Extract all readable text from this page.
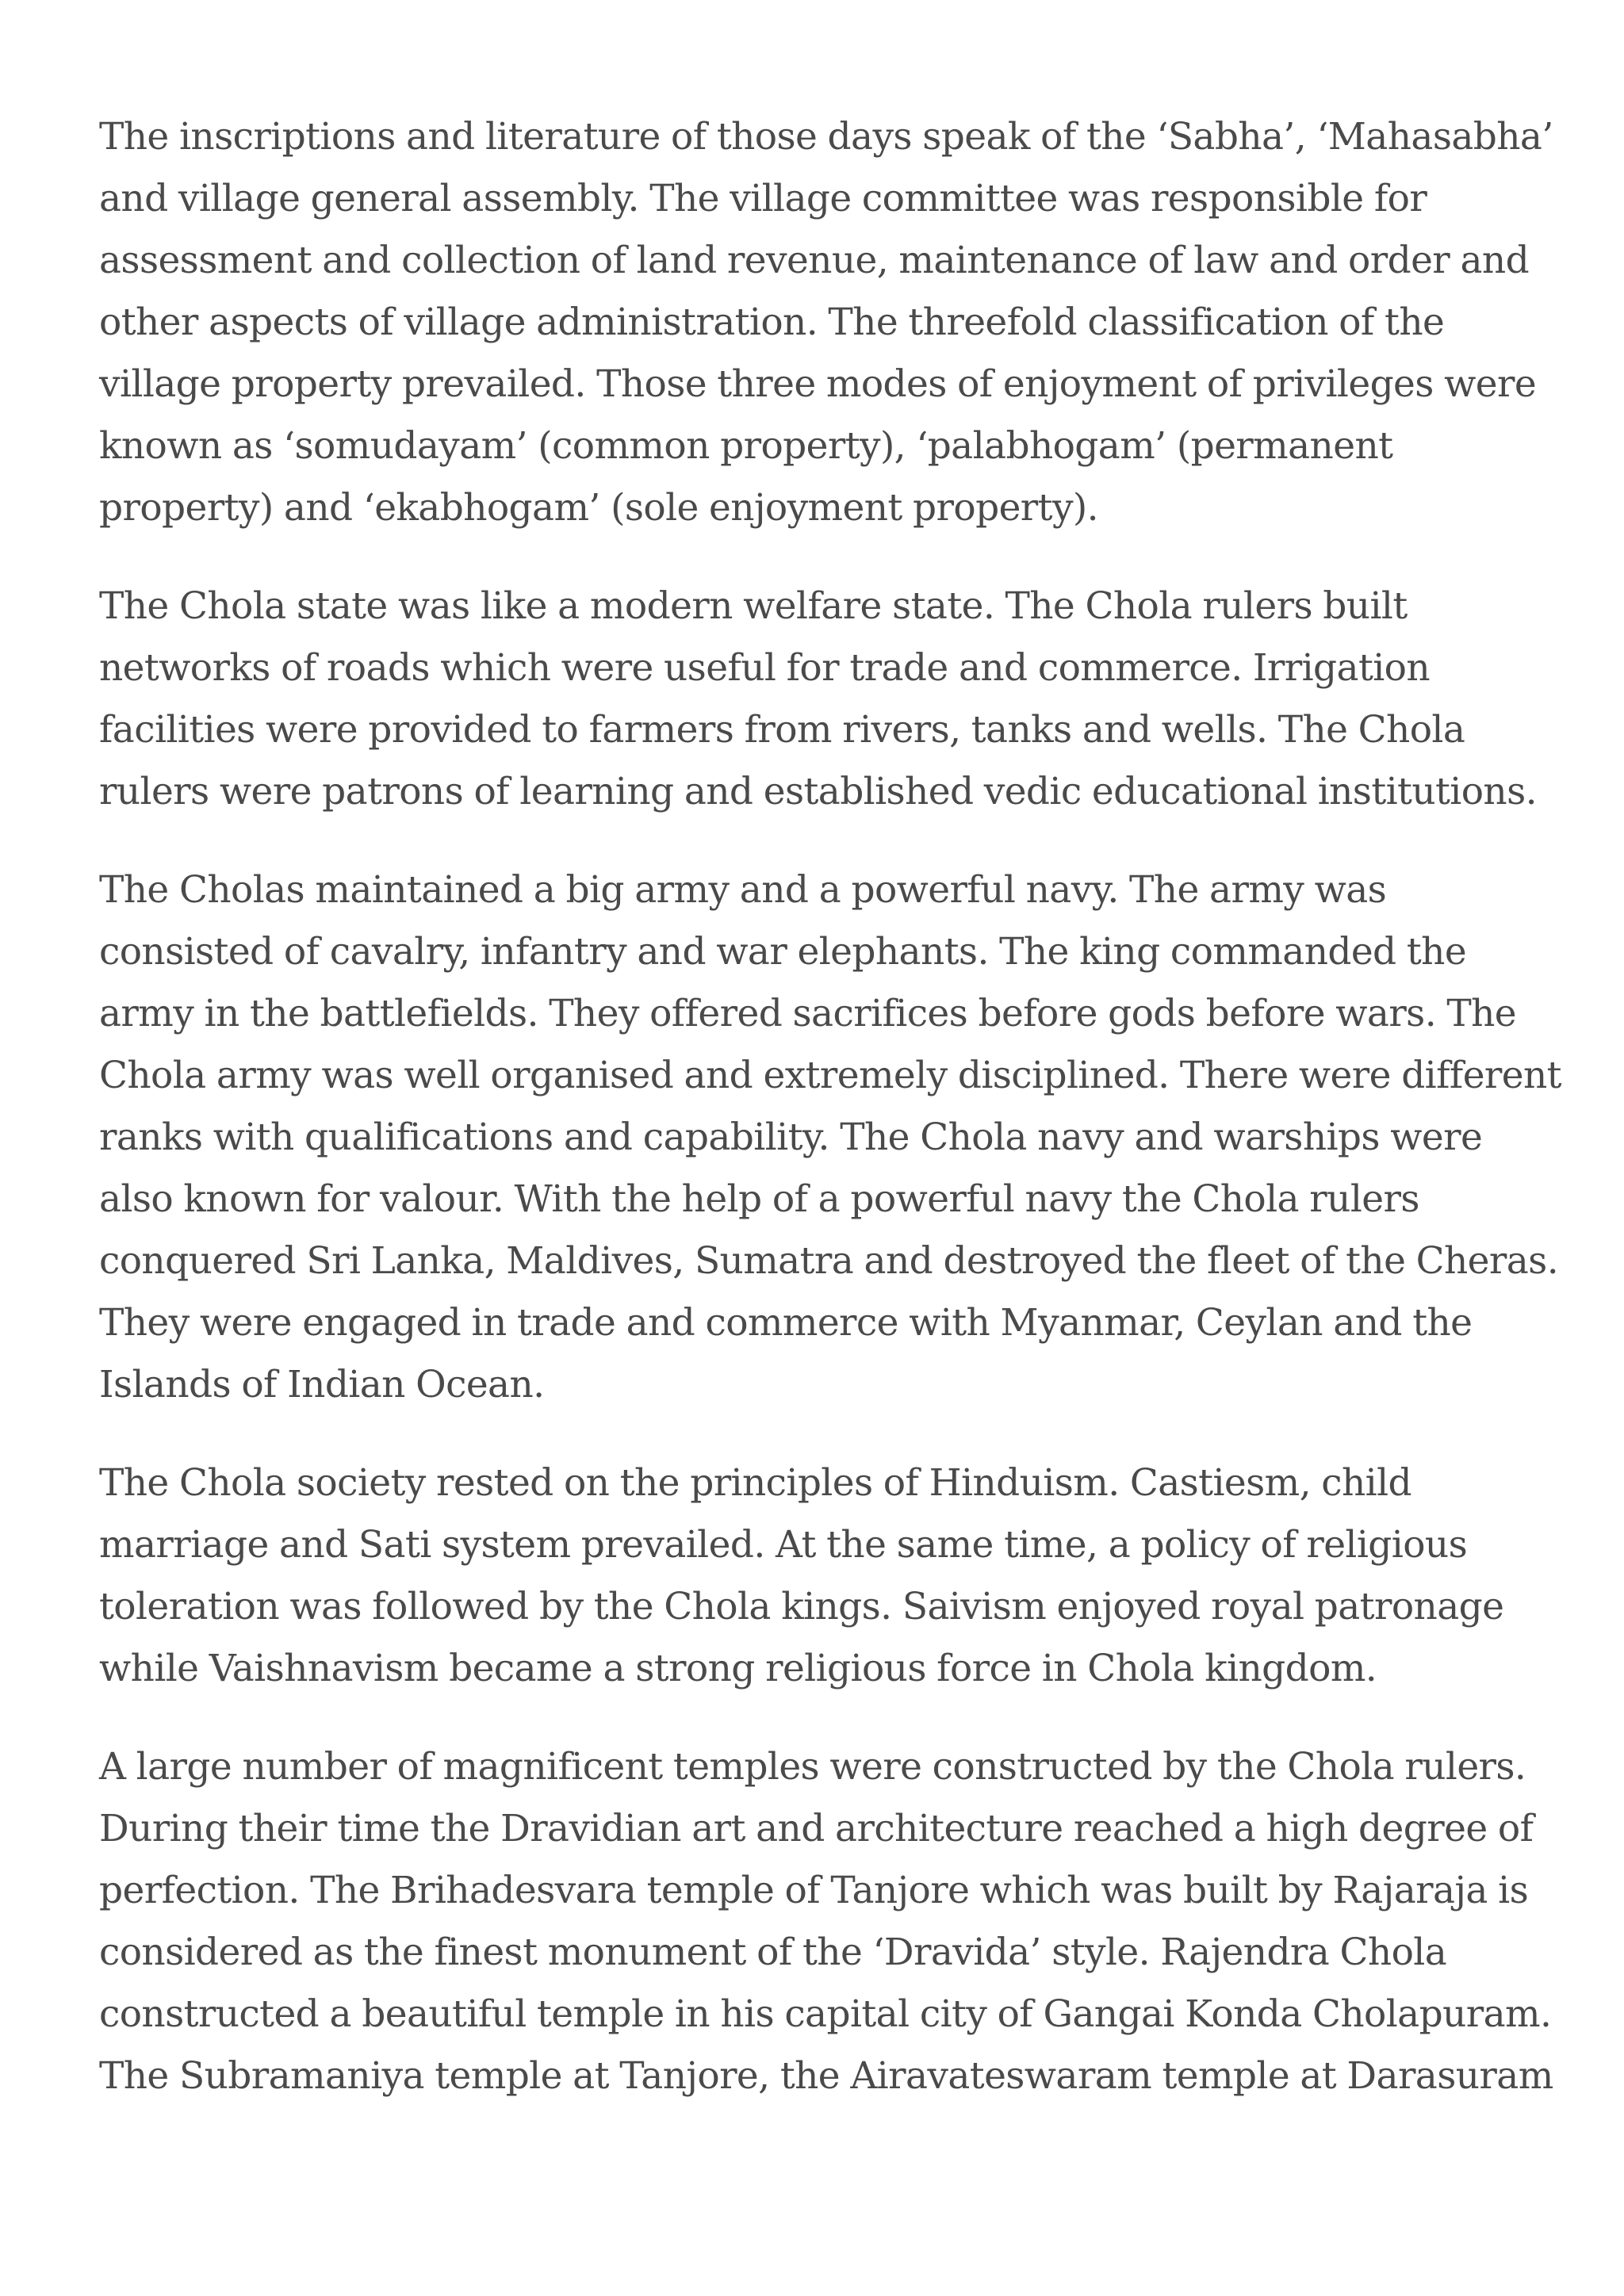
The inscriptions and literature of those days speak of the ‘Sabha’, ‘Mahasabha’
and village general assembly. The village committee was responsible for
assessment and collection of land revenue, maintenance of law and order and
other aspects of village administration. The threefold classification of the
village property prevailed. Those three modes of enjoyment of privileges were
known as ‘somudayam’ (common property), ‘palabhogam’ (permanent
property) and ‘ekabhogam’ (sole enjoyment property).

The Chola state was like a modern welfare state. The Chola rulers built
networks of roads which were useful for trade and commerce. Irrigation
facilities were provided to farmers from rivers, tanks and wells. The Chola
rulers were patrons of learning and established vedic educational institutions.

The Cholas maintained a big army and a powerful navy. The army was
consisted of cavalry, infantry and war elephants. The king commanded the
army in the battlefields. They offered sacrifices before gods before wars. The
Chola army was well organised and extremely disciplined. There were different
ranks with qualifications and capability. The Chola navy and warships were
also known for valour. With the help of a powerful navy the Chola rulers
conquered Sri Lanka, Maldives, Sumatra and destroyed the fleet of the Cheras.
They were engaged in trade and commerce with Myanmar, Ceylan and the
Islands of Indian Ocean.

The Chola society rested on the principles of Hinduism. Castiesm, child
marriage and Sati system prevailed. At the same time, a policy of religious
toleration was followed by the Chola kings. Saivism enjoyed royal patronage
while Vaishnavism became a strong religious force in Chola kingdom.

A large number of magnificent temples were constructed by the Chola rulers.
During their time the Dravidian art and architecture reached a high degree of
perfection. The Brihadesvara temple of Tanjore which was built by Rajaraja is
considered as the finest monument of the ‘Dravida’ style. Rajendra Chola
constructed a beautiful temple in his capital city of Gangai Konda Cholapuram.
The Subramaniya temple at Tanjore, the Airavateswaram temple at Darasuram
